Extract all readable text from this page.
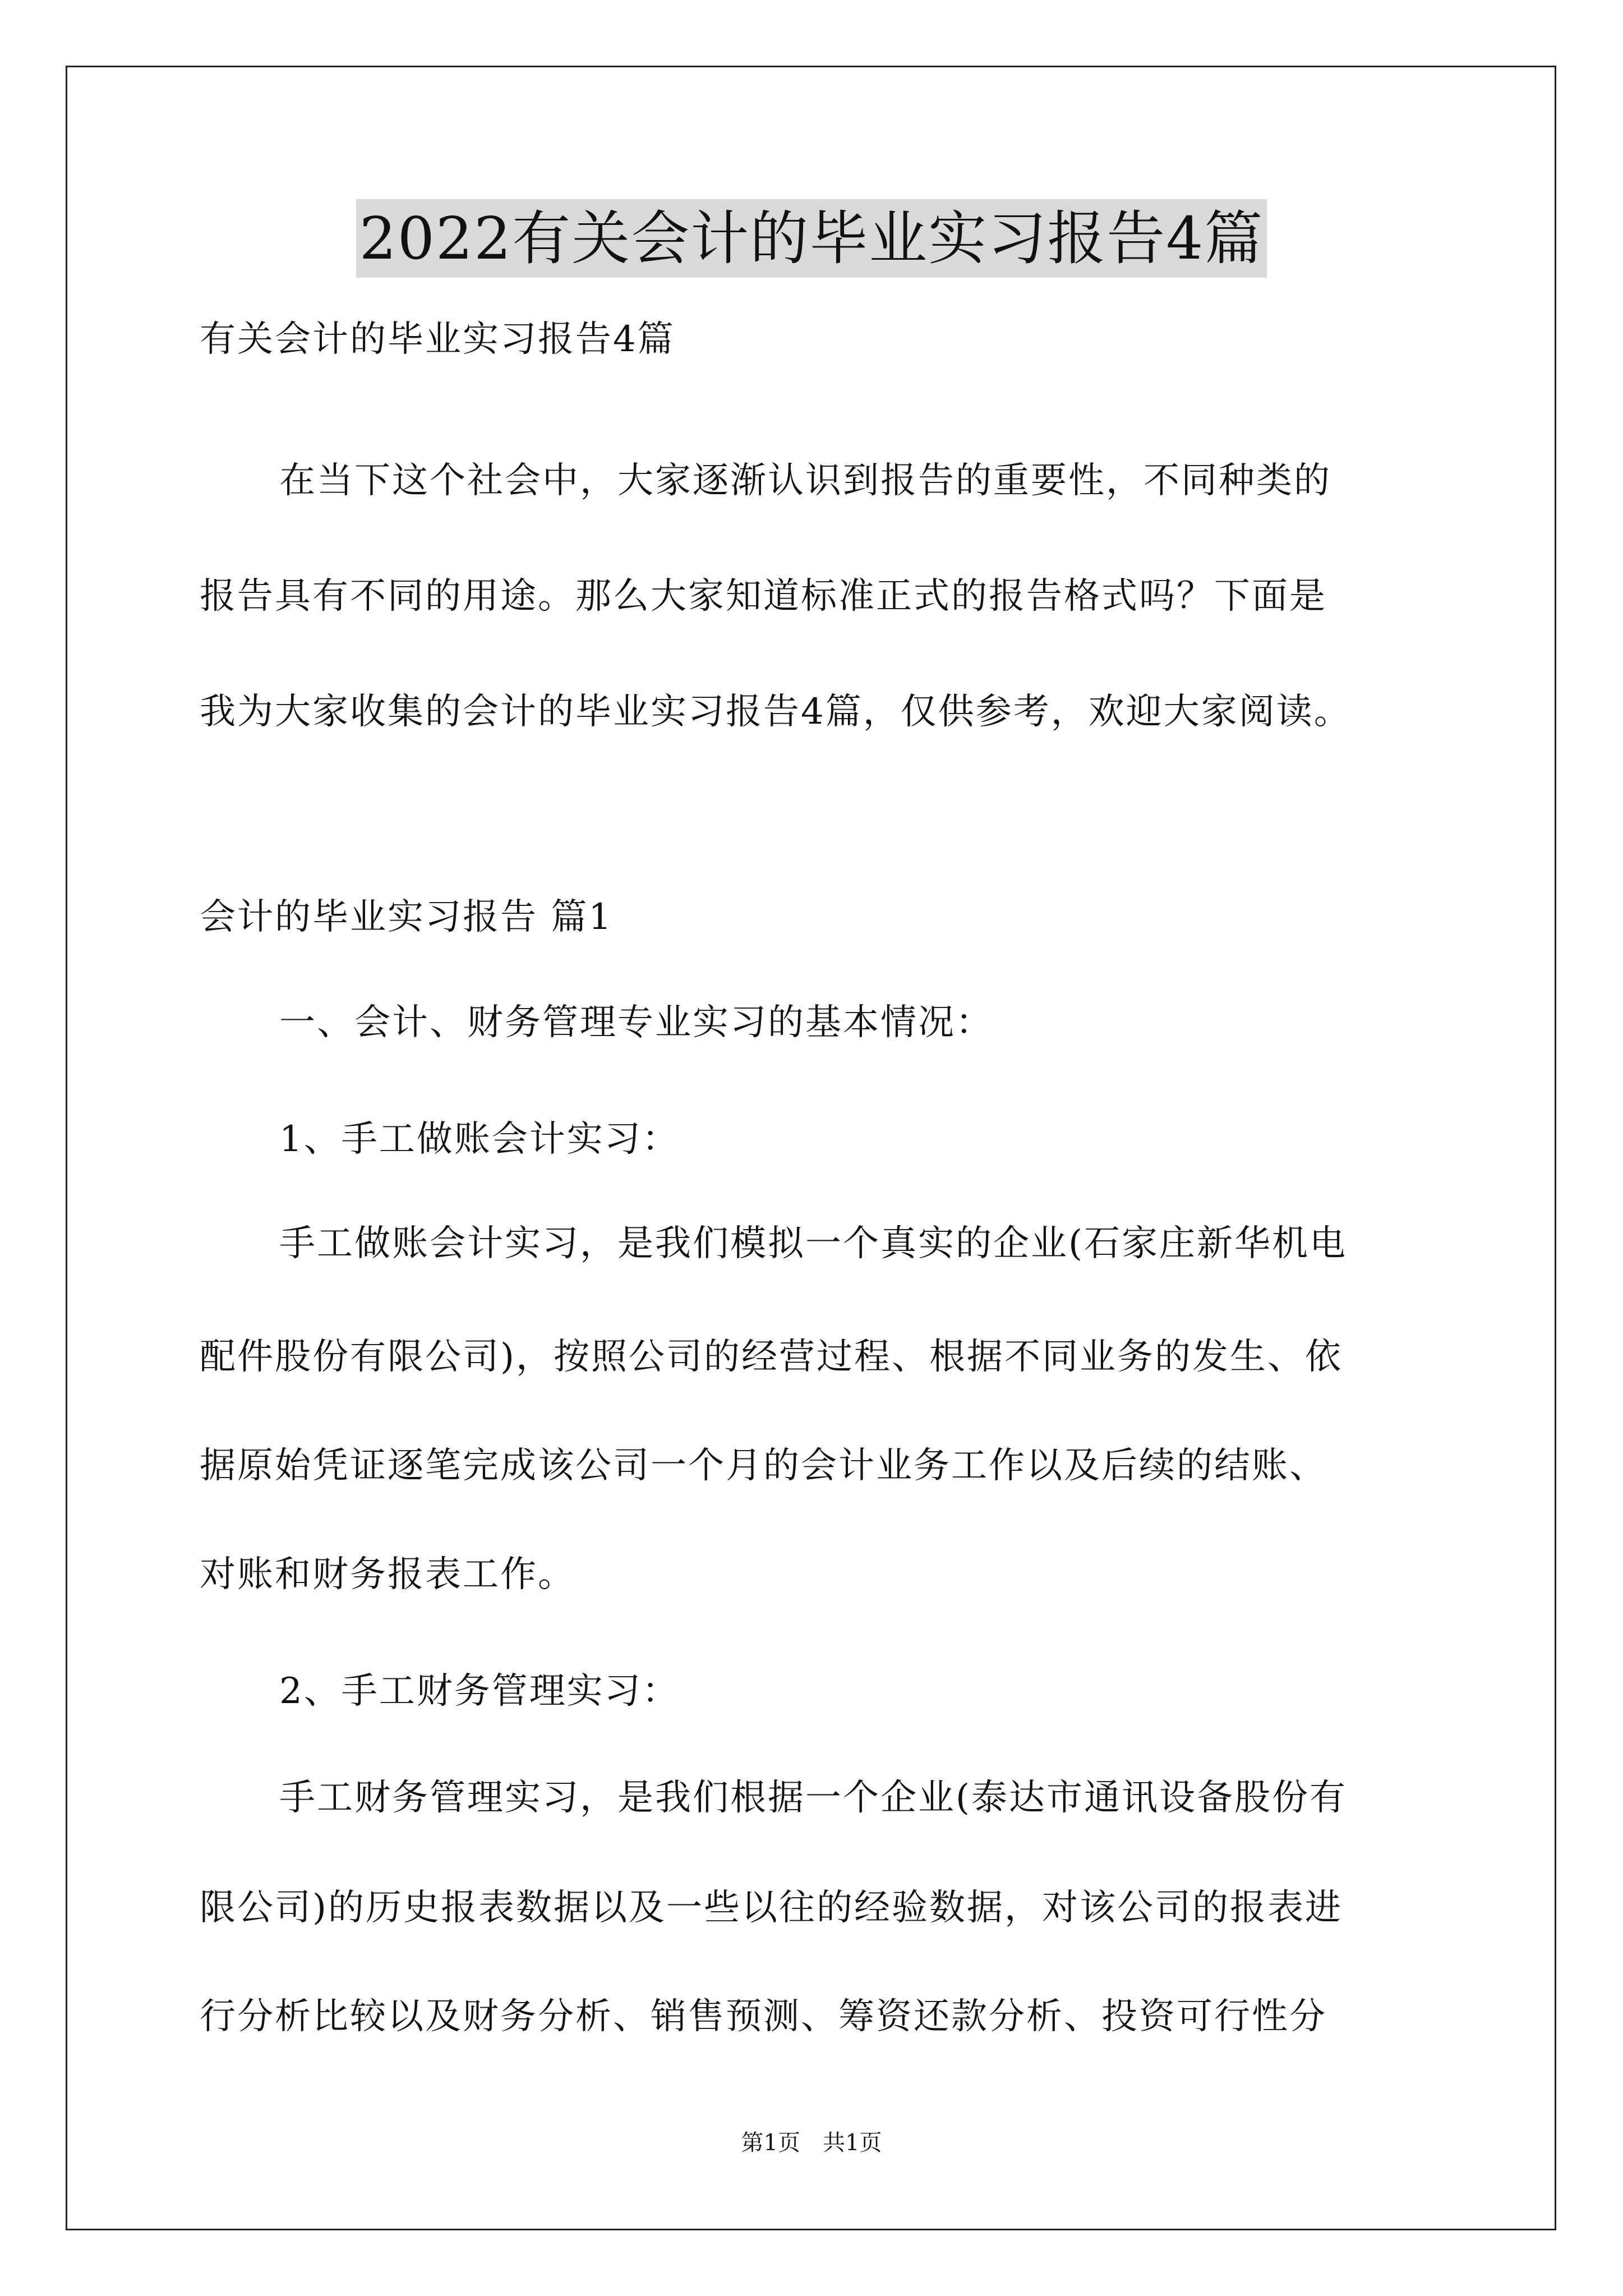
2022有关会计的毕业实习报告4篇
有关会计的毕业实习报告4篇
在当下这个社会中，大家逐渐认识到报告的重要性，不同种类的
报告具有不同的用途。那么大家知道标准正式的报告格式吗？下面是
我为大家收集的会计的毕业实习报告4篇，仅供参考，欢迎大家阅读。
会计的毕业实习报告 篇1
一、会计、财务管理专业实习的基本情况：
1、手工做账会计实习：
手工做账会计实习，是我们模拟一个真实的企业(石家庄新华机电
配件股份有限公司)，按照公司的经营过程、根据不同业务的发生、依
据原始凭证逐笔完成该公司一个月的会计业务工作以及后续的结账、
对账和财务报表工作。
2、手工财务管理实习：
手工财务管理实习，是我们根据一个企业(泰达市通讯设备股份有
限公司)的历史报表数据以及一些以往的经验数据，对该公司的报表进
行分析比较以及财务分析、销售预测、筹资还款分析、投资可行性分
第1页　共1页
